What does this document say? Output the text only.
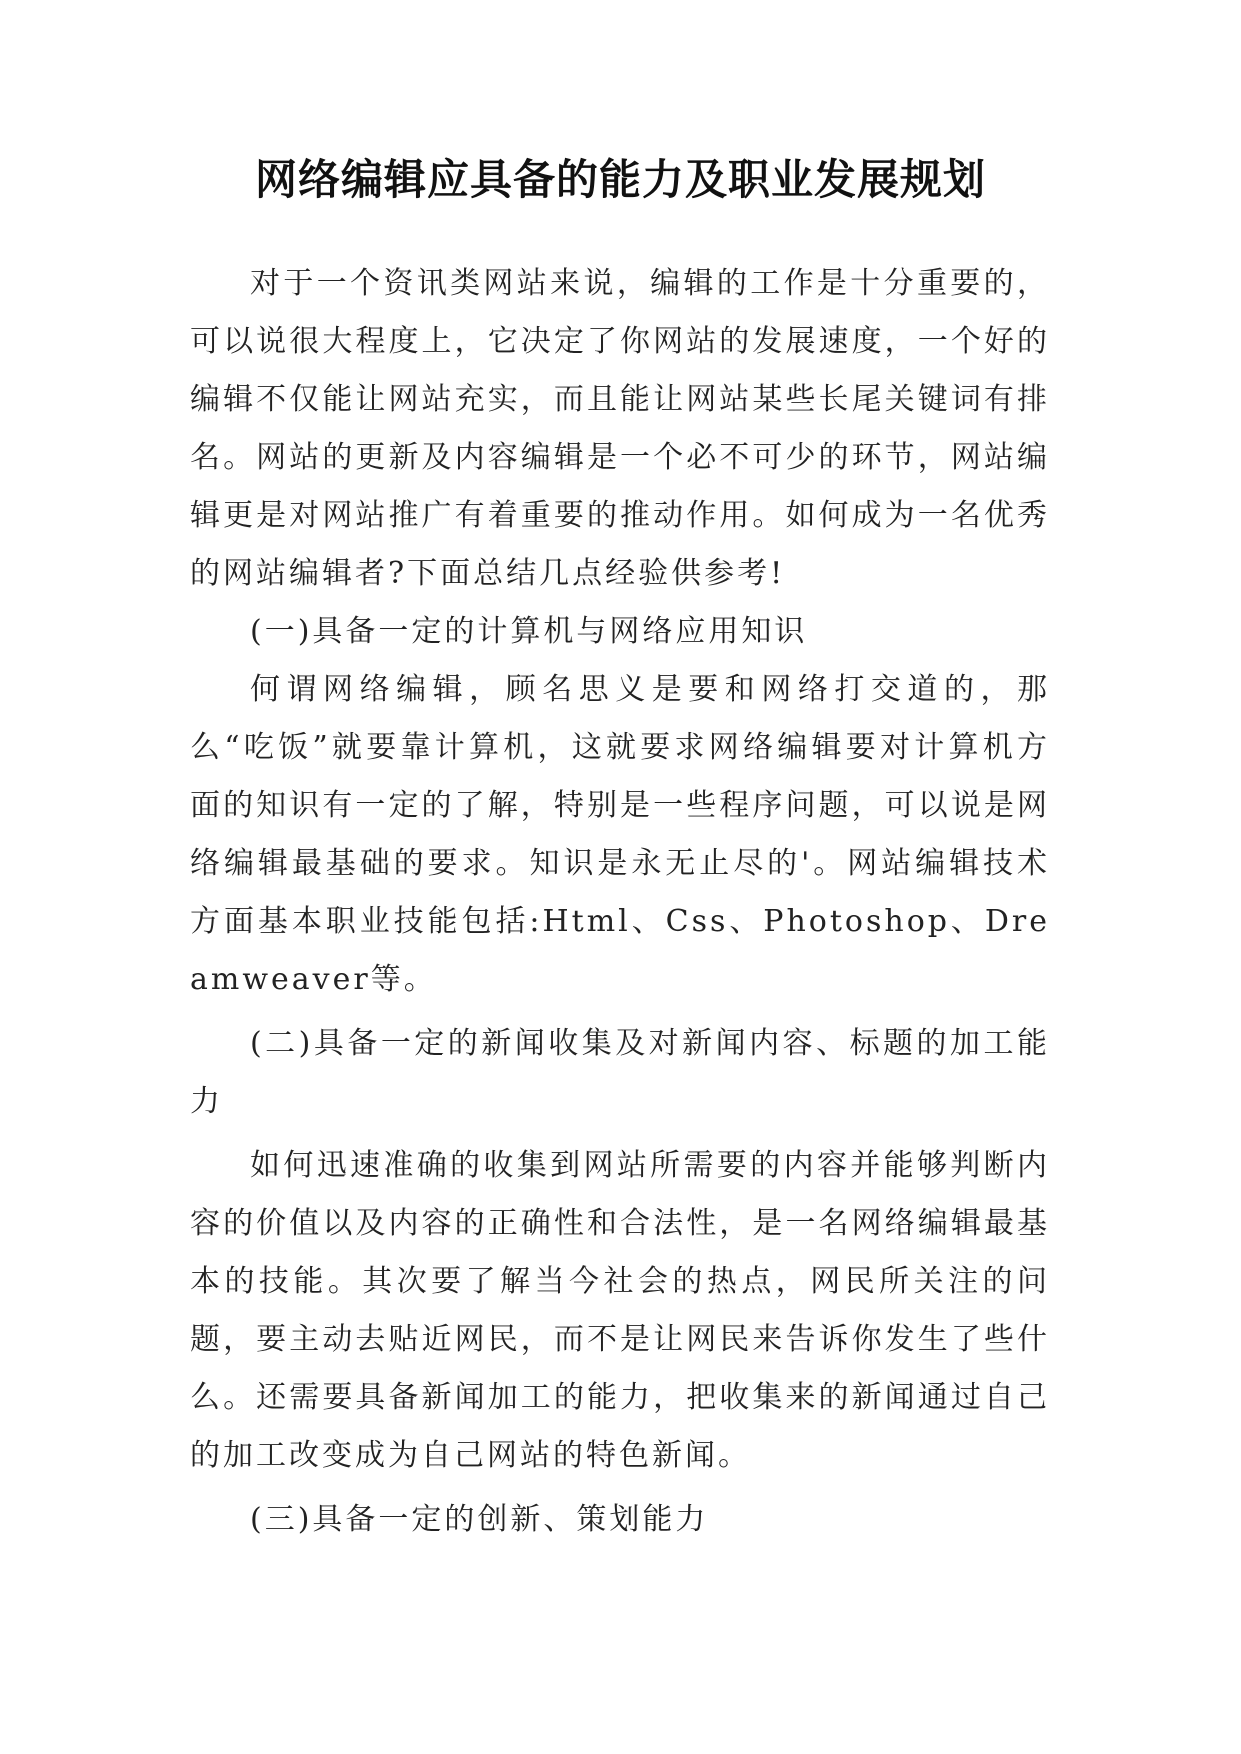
网络编辑应具备的能力及职业发展规划

对于一个资讯类网站来说，编辑的工作是十分重要的，可以说很大程度上，它决定了你网站的发展速度，一个好的编辑不仅能让网站充实，而且能让网站某些长尾关键词有排名。网站的更新及内容编辑是一个必不可少的环节，网站编辑更是对网站推广有着重要的推动作用。如何成为一名优秀的网站编辑者?下面总结几点经验供参考!

(一)具备一定的计算机与网络应用知识

何谓网络编辑，顾名思义是要和网络打交道的，那么“吃饭”就要靠计算机，这就要求网络编辑要对计算机方面的知识有一定的了解，特别是一些程序问题，可以说是网络编辑最基础的要求。知识是永无止尽的'。网站编辑技术方面基本职业技能包括:Html、Css、Photoshop、Dreamweaver等。

(二)具备一定的新闻收集及对新闻内容、标题的加工能力

如何迅速准确的收集到网站所需要的内容并能够判断内容的价值以及内容的正确性和合法性，是一名网络编辑最基本的技能。其次要了解当今社会的热点，网民所关注的问题，要主动去贴近网民，而不是让网民来告诉你发生了些什么。还需要具备新闻加工的能力，把收集来的新闻通过自己的加工改变成为自己网站的特色新闻。

(三)具备一定的创新、策划能力
